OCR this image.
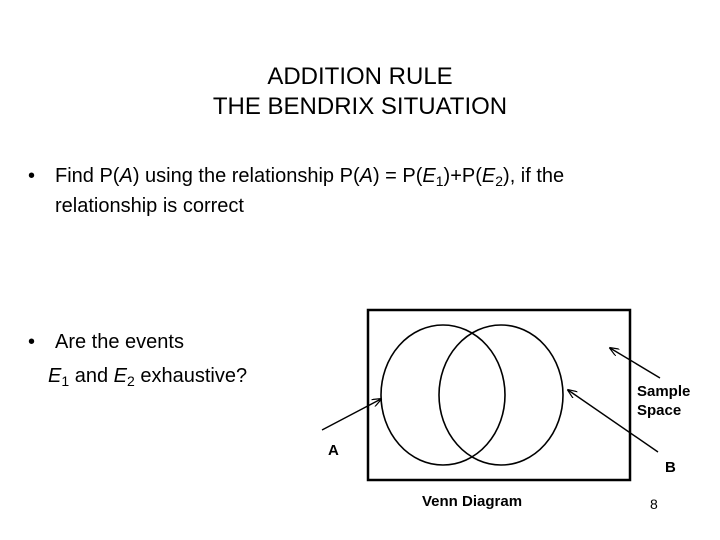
ADDITION RULE
THE BENDRIX SITUATION
• Find P(A) using the relationship $P(A) = P(E_1)+P(E_2)$, if the
relationship is correct
• Are the events
$E_1$ and $E_2$ exhaustive?
A
B
Sample
Space
Venn Diagram	8
